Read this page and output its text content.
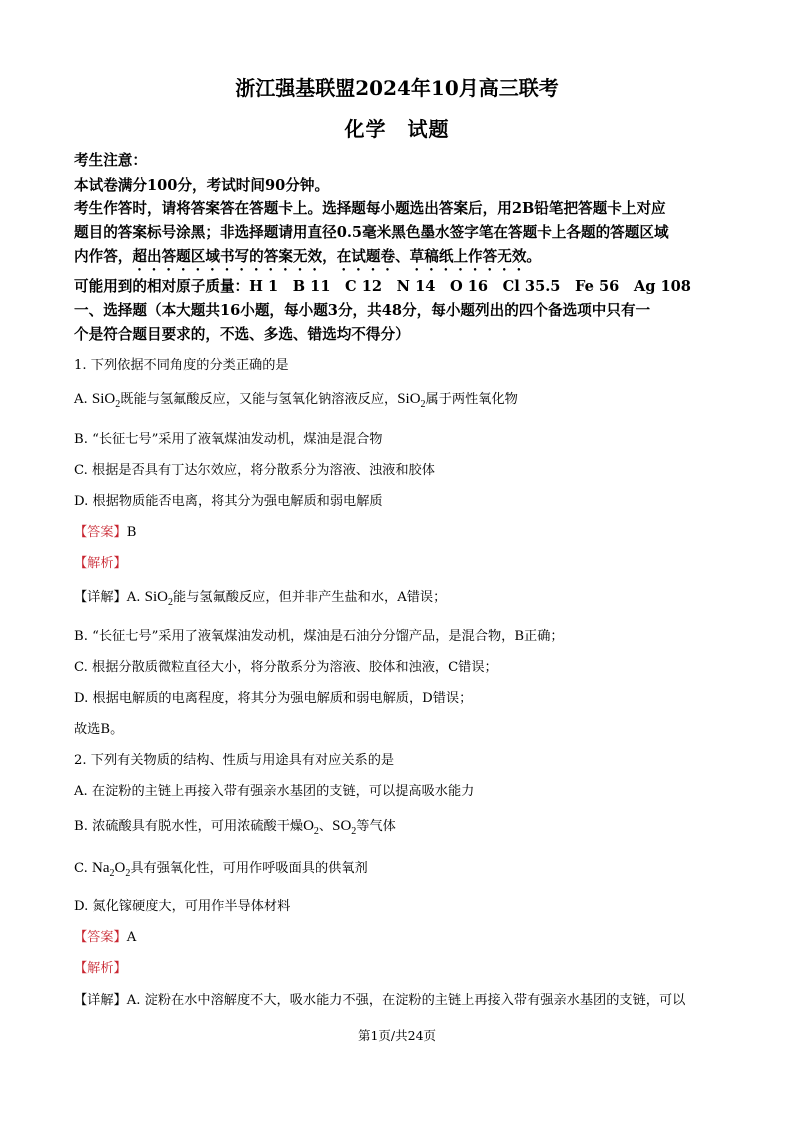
浙江强基联盟2024年10月高三联考
化学　试题
考生注意：
本试卷满分100分，考试时间90分钟。
考生作答时，请将答案答在答题卡上。选择题每小题选出答案后，用2B铅笔把答题卡上对应
题目的答案标号涂黑；非选择题请用直径0.5毫米黑色墨水签字笔在答题卡上各题的答题区域
内作答，超出答题区域书写的答案无效，在试题卷、草稿纸上作答无效。
可能用到的相对原子质量：H 1　B 11　C 12　N 14　O 16　Cl 35.5　Fe 56　Ag 108
一、选择题（本大题共16小题，每小题3分，共48分，每小题列出的四个备选项中只有一
个是符合题目要求的，不选、多选、错选均不得分）
1. 下列依据不同角度的分类正确的是
A. SiO$_2$既能与氢氟酸反应，又能与氢氧化钠溶液反应，SiO$_2$属于两性氧化物
B. “长征七号”采用了液氧煤油发动机，煤油是混合物
C. 根据是否具有丁达尔效应，将分散系分为溶液、浊液和胶体
D. 根据物质能否电离，将其分为强电解质和弱电解质
【答案】B
【解析】
【详解】A. SiO$_2$能与氢氟酸反应，但并非产生盐和水，A错误；
B. “长征七号”采用了液氧煤油发动机，煤油是石油分分馏产品，是混合物，B正确；
C. 根据分散质微粒直径大小，将分散系分为溶液、胶体和浊液，C错误；
D. 根据电解质的电离程度，将其分为强电解质和弱电解质，D错误；
故选B。
2. 下列有关物质的结构、性质与用途具有对应关系的是
A. 在淀粉的主链上再接入带有强亲水基团的支链，可以提高吸水能力
B. 浓硫酸具有脱水性，可用浓硫酸干燥$O_2$、$SO_2$等气体
C. $Na_2O_2$具有强氧化性，可用作呼吸面具的供氧剂
D. 氮化镓硬度大，可用作半导体材料
【答案】A
【解析】
【详解】A. 淀粉在水中溶解度不大，吸水能力不强，在淀粉的主链上再接入带有强亲水基团的支链，可以
第1页/共24页
